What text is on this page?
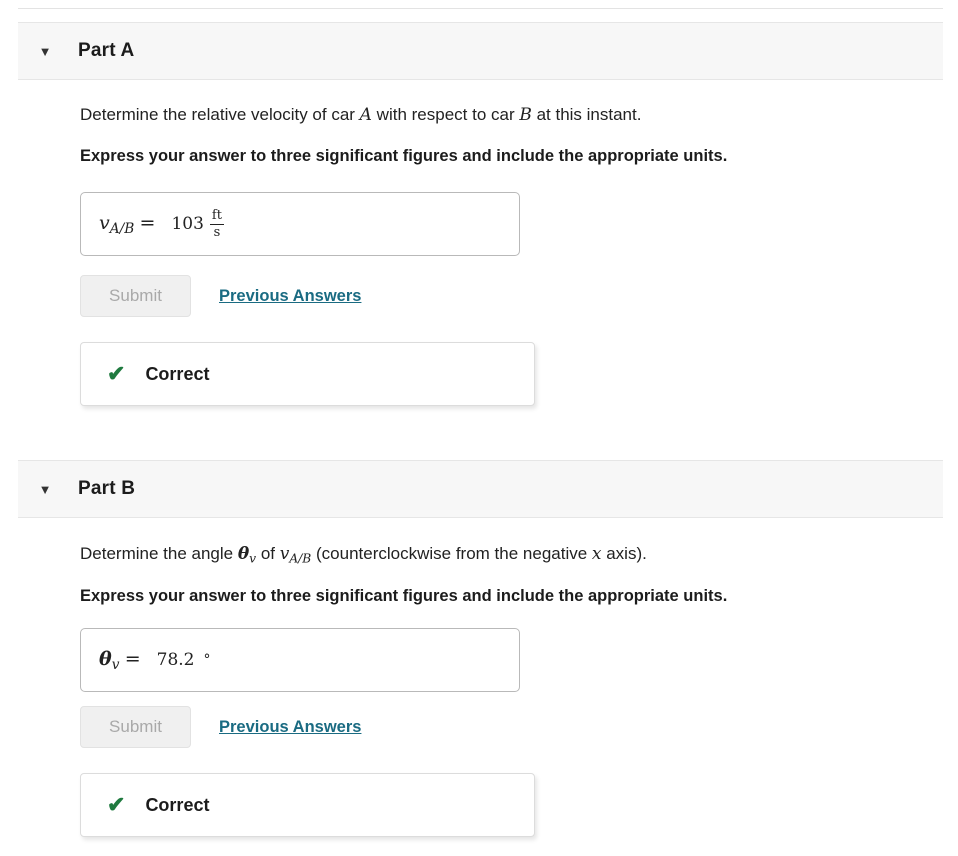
▼ Part A
Determine the relative velocity of car A with respect to car B at this instant.
Express your answer to three significant figures and include the appropriate units.
$v_{A/B} = 103 \frac{ft}{s}$
Submit	Previous Answers
✔ Correct
▼ Part B
Determine the angle $\theta_v$ of $v_{A/B}$ (counterclockwise from the negative x axis).
Express your answer to three significant figures and include the appropriate units.
$\theta_v = 78.2$ °
Submit	Previous Answers
✔ Correct
